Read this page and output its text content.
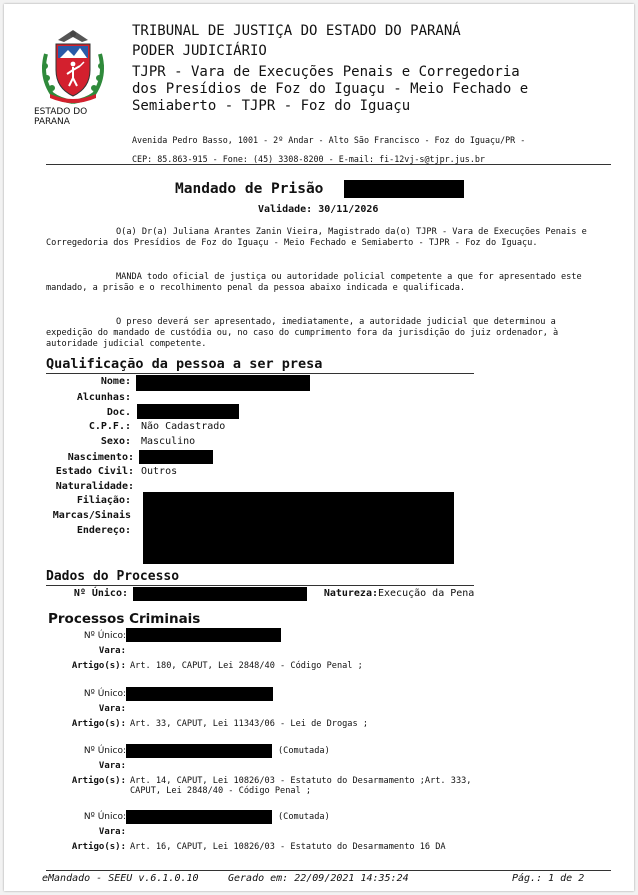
ESTADO DO PARANA
TRIBUNAL DE JUSTIÇA DO ESTADO DO PARANÁ
PODER JUDICIÁRIO
TJPR - Vara de Execuções Penais e Corregedoria dos Presídios de Foz do Iguaçu - Meio Fechado e Semiaberto - TJPR - Foz do Iguaçu
Avenida Pedro Basso, 1001 - 2º Andar - Alto São Francisco - Foz do Iguaçu/PR -
CEP: 85.863-915 - Fone: (45) 3308-8200 - E-mail: fi-12vj-s@tjpr.jus.br
Mandado de Prisão
Validade: 30/11/2026
O(a) Dr(a) Juliana Arantes Zanin Vieira, Magistrado da(o) TJPR - Vara de Execuções Penais e Corregedoria dos Presídios de Foz do Iguaçu - Meio Fechado e Semiaberto - TJPR - Foz do Iguaçu.
MANDA todo oficial de justiça ou autoridade policial competente a que for apresentado este mandado, a prisão e o recolhimento penal da pessoa abaixo indicada e qualificada.
O preso deverá ser apresentado, imediatamente, a autoridade judicial que determinou a expedição do mandado de custódia ou, no caso do cumprimento fora da jurisdição do juiz ordenador, à autoridade judicial competente.
Qualificação da pessoa a ser presa
Nome:
Alcunhas:
Doc.
C.P.F.: Não Cadastrado
Sexo: Masculino
Nascimento:
Estado Civil: Outros
Naturalidade:
Filiação:
Marcas/Sinais
Endereço:
Dados do Processo
Nº Único:	Natureza: Execução da Pena
Processos Criminais
Nº Único:
Vara:
Artigo(s): Art. 180, CAPUT, Lei 2848/40 - Código Penal ;
Nº Único:
Vara:
Artigo(s): Art. 33, CAPUT, Lei 11343/06 - Lei de Drogas ;
Nº Único:	(Comutada)
Vara:
Artigo(s): Art. 14, CAPUT, Lei 10826/03 - Estatuto do Desarmamento ;Art. 333, CAPUT, Lei 2848/40 - Código Penal ;
Nº Único:	(Comutada)
Vara:
Artigo(s): Art. 16, CAPUT, Lei 10826/03 - Estatuto do Desarmamento 16 DA
eMandado - SEEU v.6.1.0.10	Gerado em: 22/09/2021 14:35:24	Pág.: 1 de 2
